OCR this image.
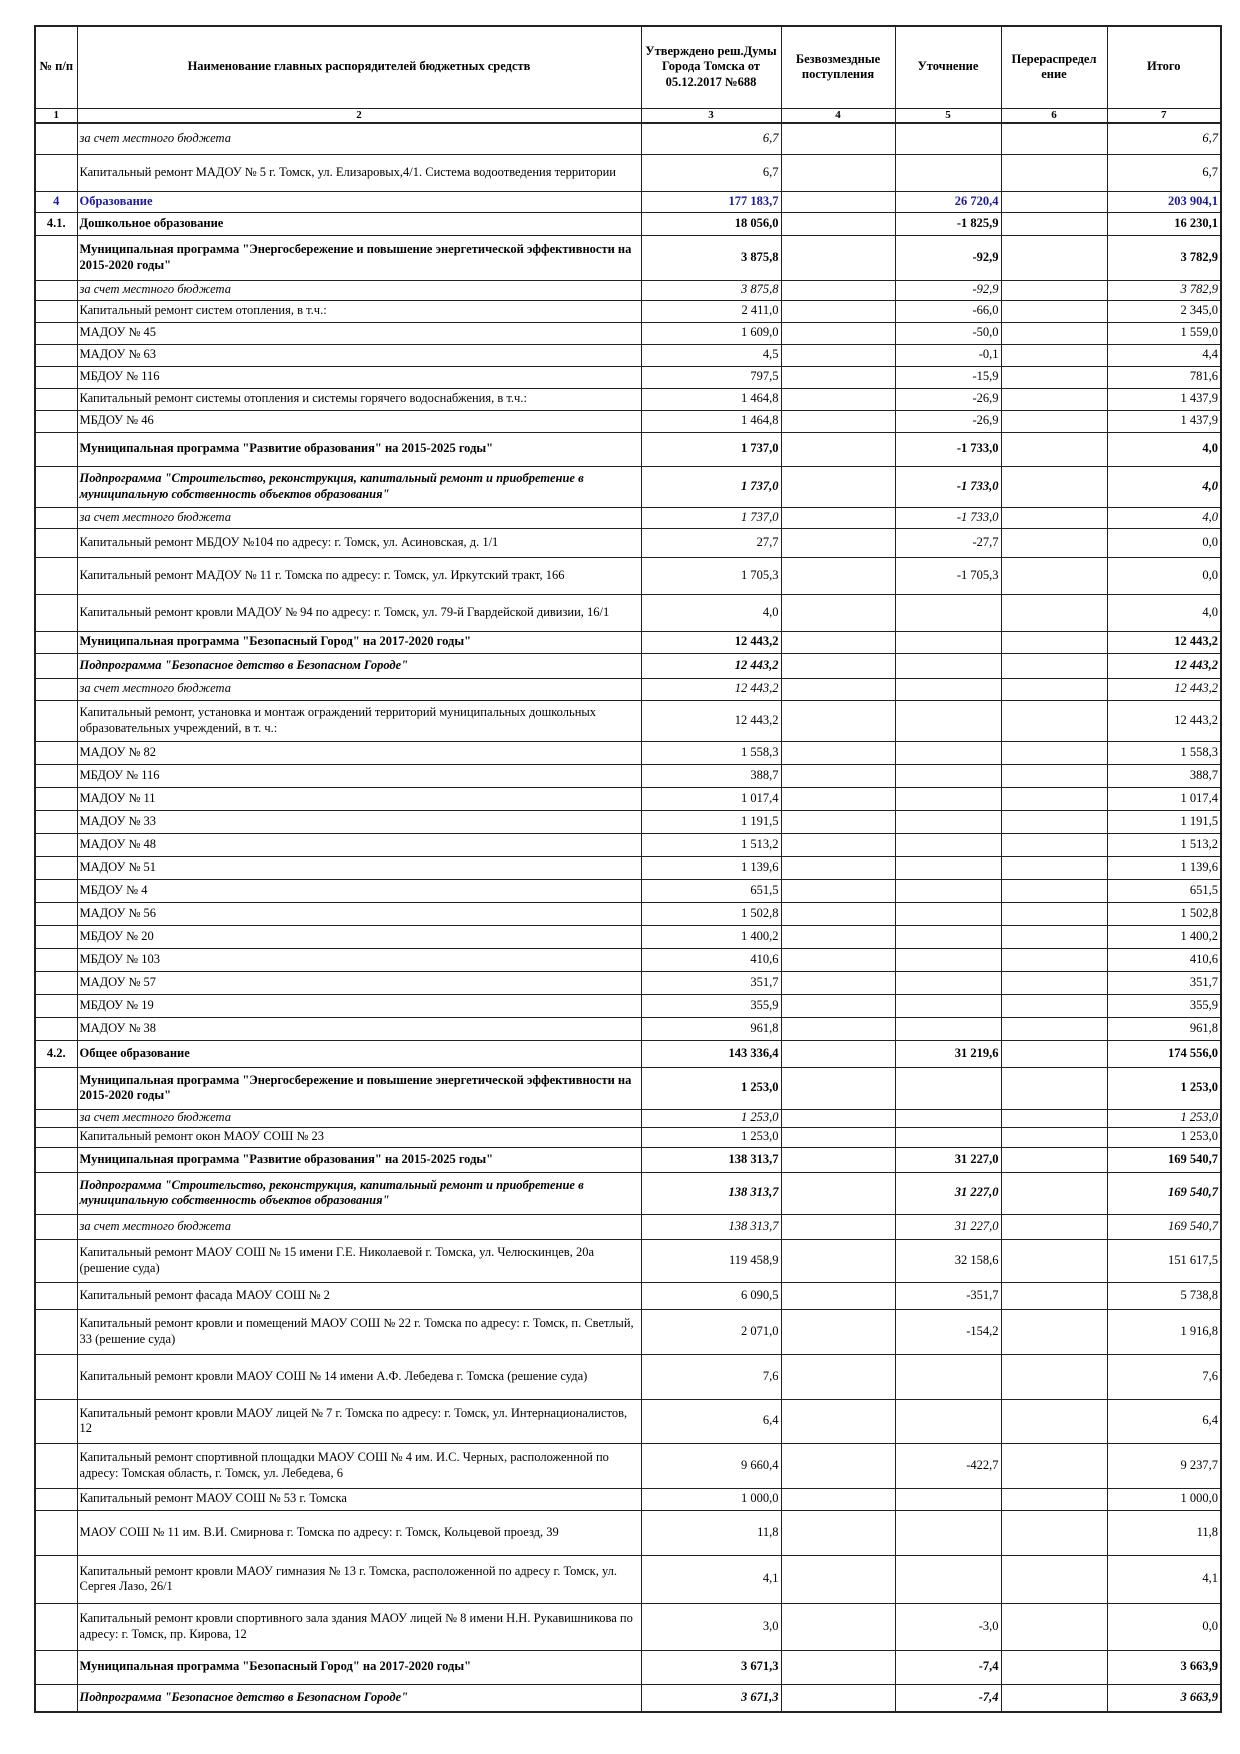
№ п/п	Наименование главных распорядителей бюджетных средств	Утверждено реш.Думы Города Томска от 05.12.2017 №688	Безвозмездные поступления	Уточнение	Перераспредел ение	Итого
1	2	3	4	5	6	7
	за счет местного бюджета	6,7				6,7
	Капитальный ремонт МАДОУ № 5 г. Томск, ул. Елизаровых,4/1. Система водоотведения территории	6,7				6,7
4	Образование	177 183,7		26 720,4		203 904,1
4.1.	Дошкольное образование	18 056,0		-1 825,9		16 230,1
	Муниципальная программа "Энергосбережение и повышение энергетической эффективности на 2015-2020 годы"	3 875,8		-92,9		3 782,9
	за счет местного бюджета	3 875,8		-92,9		3 782,9
	Капитальный ремонт систем отопления, в т.ч.:	2 411,0		-66,0		2 345,0
	МАДОУ № 45	1 609,0		-50,0		1 559,0
	МАДОУ № 63	4,5		-0,1		4,4
	МБДОУ № 116	797,5		-15,9		781,6
	Капитальный ремонт системы отопления и системы горячего водоснабжения, в т.ч.:	1 464,8		-26,9		1 437,9
	МБДОУ № 46	1 464,8		-26,9		1 437,9
	Муниципальная программа "Развитие образования" на 2015-2025 годы"	1 737,0		-1 733,0		4,0
	Подпрограмма "Строительство, реконструкция, капитальный ремонт и приобретение в муниципальную собственность объектов образования"	1 737,0		-1 733,0		4,0
	за счет местного бюджета	1 737,0		-1 733,0		4,0
	Капитальный ремонт МБДОУ №104 по адресу: г. Томск, ул. Асиновская, д. 1/1	27,7		-27,7		0,0
	Капитальный ремонт МАДОУ № 11 г. Томска по адресу: г. Томск, ул. Иркутский тракт, 166	1 705,3		-1 705,3		0,0
	Капитальный ремонт кровли МАДОУ № 94 по адресу: г. Томск, ул. 79-й Гвардейской дивизии, 16/1	4,0				4,0
	Муниципальная программа "Безопасный Город" на 2017-2020 годы"	12 443,2				12 443,2
	Подпрограмма "Безопасное детство в Безопасном Городе"	12 443,2				12 443,2
	за счет местного бюджета	12 443,2				12 443,2
	Капитальный ремонт, установка и монтаж ограждений территорий муниципальных дошкольных образовательных учреждений, в т. ч.:	12 443,2				12 443,2
	МАДОУ № 82	1 558,3				1 558,3
	МБДОУ № 116	388,7				388,7
	МАДОУ № 11	1 017,4				1 017,4
	МАДОУ № 33	1 191,5				1 191,5
	МАДОУ № 48	1 513,2				1 513,2
	МАДОУ № 51	1 139,6				1 139,6
	МБДОУ № 4	651,5				651,5
	МАДОУ № 56	1 502,8				1 502,8
	МБДОУ № 20	1 400,2				1 400,2
	МБДОУ № 103	410,6				410,6
	МАДОУ № 57	351,7				351,7
	МБДОУ № 19	355,9				355,9
	МАДОУ № 38	961,8				961,8
4.2.	Общее образование	143 336,4		31 219,6		174 556,0
	Муниципальная программа "Энергосбережение и повышение энергетической эффективности на 2015-2020 годы"	1 253,0				1 253,0
	за счет местного бюджета	1 253,0				1 253,0
	Капитальный ремонт окон МАОУ СОШ № 23	1 253,0				1 253,0
	Муниципальная программа "Развитие образования" на 2015-2025 годы"	138 313,7		31 227,0		169 540,7
	Подпрограмма "Строительство, реконструкция, капитальный ремонт и приобретение в муниципальную собственность объектов образования"	138 313,7		31 227,0		169 540,7
	за счет местного бюджета	138 313,7		31 227,0		169 540,7
	Капитальный ремонт МАОУ СОШ № 15 имени Г.Е. Николаевой г. Томска, ул. Челюскинцев, 20а (решение суда)	119 458,9		32 158,6		151 617,5
	Капитальный ремонт фасада МАОУ СОШ № 2	6 090,5		-351,7		5 738,8
	Капитальный ремонт кровли и помещений МАОУ СОШ № 22 г. Томска по адресу: г. Томск, п. Светлый, 33 (решение суда)	2 071,0		-154,2		1 916,8
	Капитальный ремонт кровли МАОУ СОШ № 14 имени А.Ф. Лебедева г. Томска (решение суда)	7,6				7,6
	Капитальный ремонт кровли МАОУ лицей № 7 г. Томска по адресу: г. Томск, ул. Интернационалистов, 12	6,4				6,4
	Капитальный ремонт спортивной площадки МАОУ СОШ № 4 им. И.С. Черных, расположенной по адресу: Томская область, г. Томск, ул. Лебедева, 6	9 660,4		-422,7		9 237,7
	Капитальный ремонт МАОУ СОШ № 53 г. Томска	1 000,0				1 000,0
	МАОУ СОШ № 11 им. В.И. Смирнова г. Томска по адресу: г. Томск, Кольцевой проезд, 39	11,8				11,8
	Капитальный ремонт кровли МАОУ гимназия № 13 г. Томска, расположенной по адресу г. Томск, ул. Сергея Лазо, 26/1	4,1				4,1
	Капитальный ремонт кровли спортивного зала здания МАОУ лицей № 8 имени Н.Н. Рукавишникова по адресу: г. Томск, пр. Кирова, 12	3,0		-3,0		0,0
	Муниципальная программа "Безопасный Город" на 2017-2020 годы"	3 671,3		-7,4		3 663,9
	Подпрограмма "Безопасное детство в Безопасном Городе"	3 671,3		-7,4		3 663,9
